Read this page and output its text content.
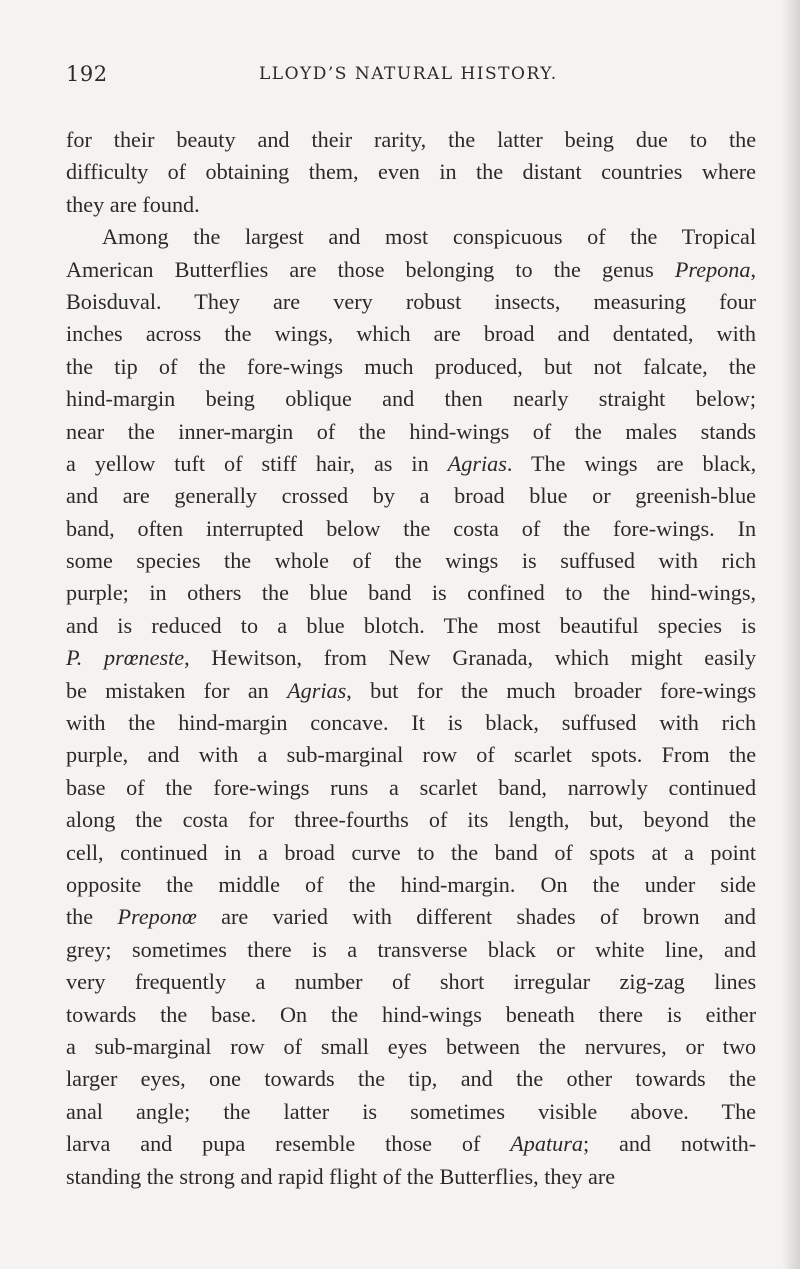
192	LLOYD’S NATURAL HISTORY.
for their beauty and their rarity, the latter being due to the
difficulty of obtaining them, even in the distant countries where
they are found.
Among the largest and most conspicuous of the Tropical
American Butterflies are those belonging to the genus Prepona,
Boisduval. They are very robust insects, measuring four
inches across the wings, which are broad and dentated, with
the tip of the fore-wings much produced, but not falcate, the
hind-margin being oblique and then nearly straight below;
near the inner-margin of the hind-wings of the males stands
a yellow tuft of stiff hair, as in Agrias. The wings are black,
and are generally crossed by a broad blue or greenish-blue
band, often interrupted below the costa of the fore-wings. In
some species the whole of the wings is suffused with rich
purple; in others the blue band is confined to the hind-wings,
and is reduced to a blue blotch. The most beautiful species is
P. prœneste, Hewitson, from New Granada, which might easily
be mistaken for an Agrias, but for the much broader fore-wings
with the hind-margin concave. It is black, suffused with rich
purple, and with a sub-marginal row of scarlet spots. From the
base of the fore-wings runs a scarlet band, narrowly continued
along the costa for three-fourths of its length, but, beyond the
cell, continued in a broad curve to the band of spots at a point
opposite the middle of the hind-margin. On the under side
the Preponœ are varied with different shades of brown and
grey; sometimes there is a transverse black or white line, and
very frequently a number of short irregular zig-zag lines
towards the base. On the hind-wings beneath there is either
a sub-marginal row of small eyes between the nervures, or two
larger eyes, one towards the tip, and the other towards the
anal angle; the latter is sometimes visible above. The
larva and pupa resemble those of Apatura; and notwith-
standing the strong and rapid flight of the Butterflies, they are
